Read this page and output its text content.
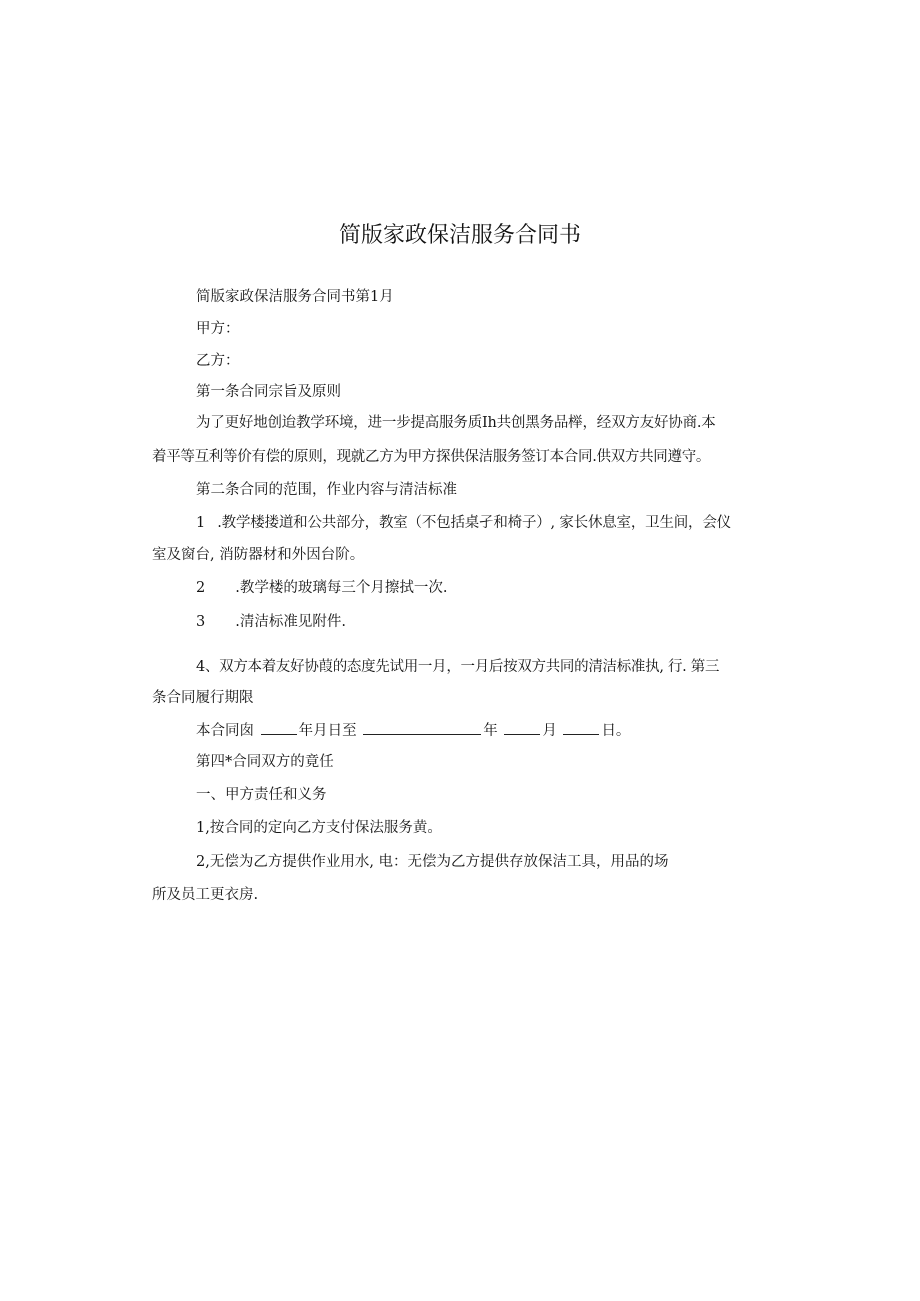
简版家政保洁服务合同书
简版家政保洁服务合同书第1月
甲方：
乙方：
第一条合同宗旨及原则
为了更好地创迨教学环境，进一步提高服务质Ih共创黑务品榉，经双方友好协商.本
着平等互利等价有偿的原则，现就乙方为甲方探供保洁服务签订本合同.供双方共同遵守。
第二条合同的范围，作业内容与清洁标准
1 .教学楼搂道和公共部分，教室（不包括桌孑和椅子）, 家长休息室，卫生间，会仪
室及窗台, 消防器材和外因台阶。
2 .教学楼的玻璃每三个月擦拭一次.
3 .清洁标准见附件.
4、双方本着友好协葭的态度先试用一月，一月后按双方共同的清洁标准执, 行. 第三
条合同履行期限
本合同囱	年月日至	年	月	日。
第四*合同双方的竟任
一、甲方责任和义务
1,按合同的定向乙方支付保法服务黄。
2,无偿为乙方提供作业用水, 电：无偿为乙方提供存放保洁工具，用品的场
所及员工更衣房.
